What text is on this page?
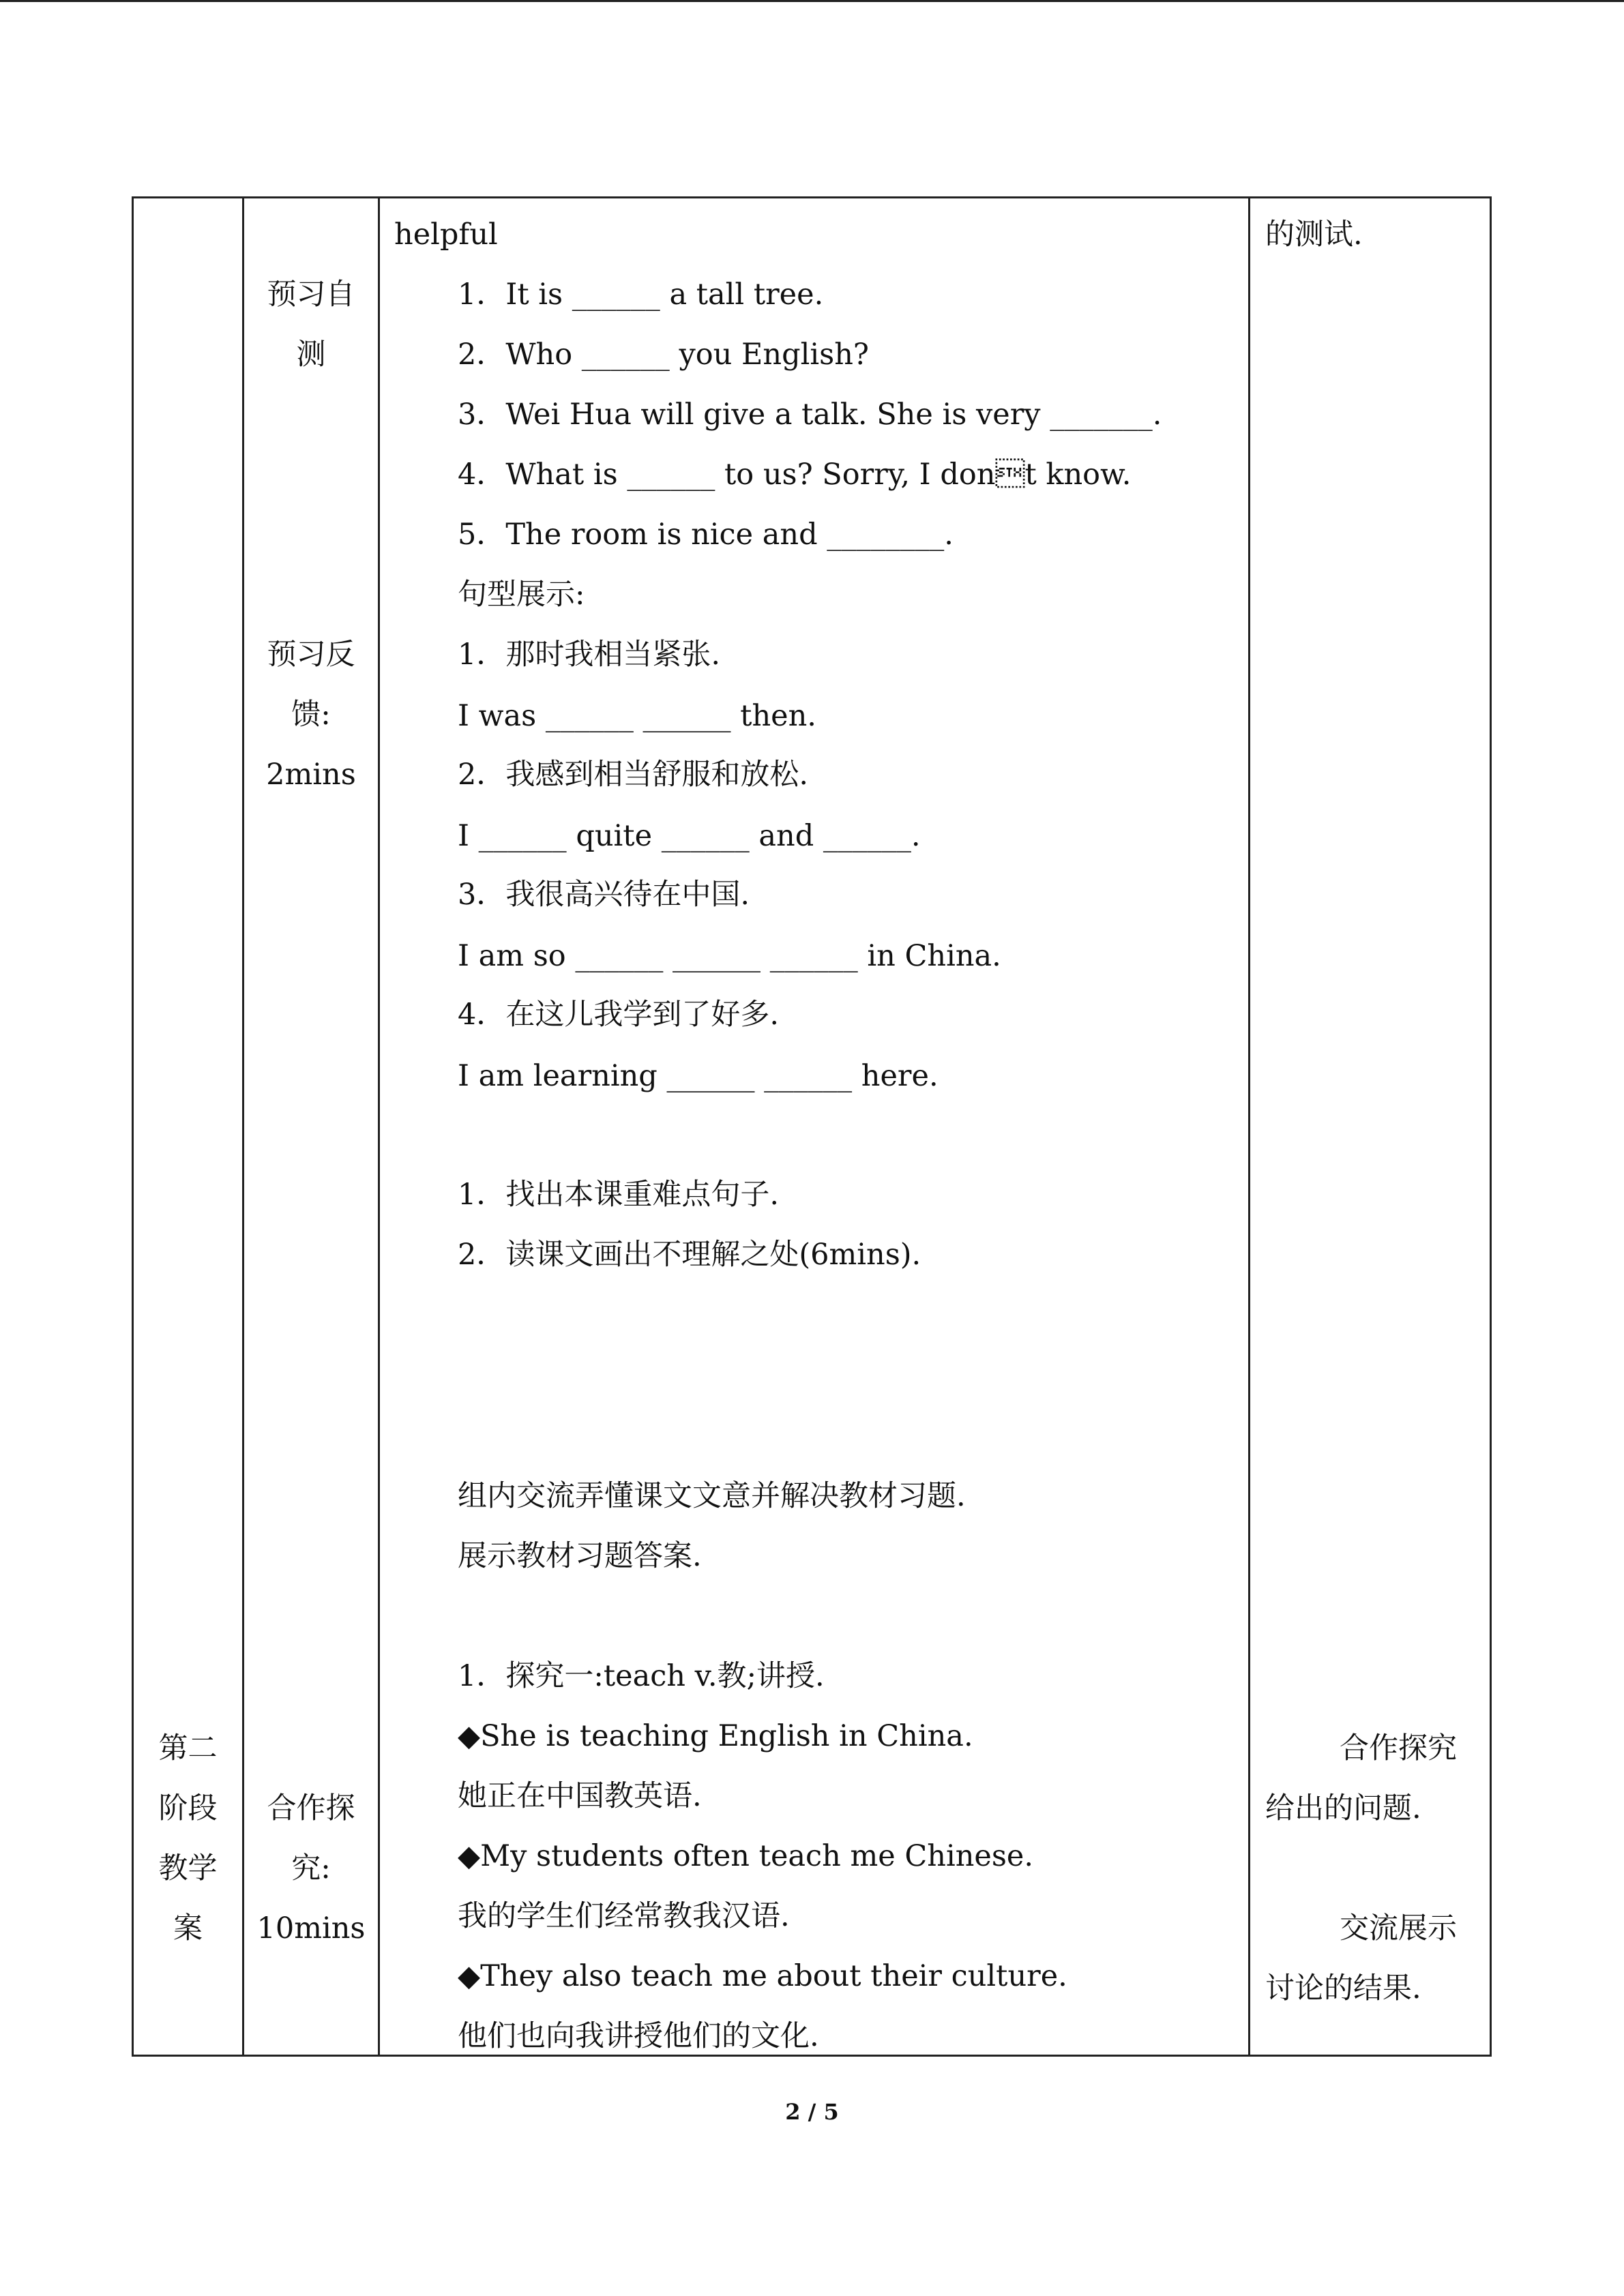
第二
阶段
教学
案
预习自
测
预习反
馈:
2mins
合作探
究:
10mins
helpful
1．It is ______ a tall tree.
2．Who ______ you English?
3．Wei Hua will give a talk. She is very _______.
4．What is ______ to us? Sorry, I dont know.
5．The room is nice and ________.
句型展示:
1．那时我相当紧张.
I was ______ ______ then.
2．我感到相当舒服和放松.
I ______ quite ______ and ______.
3．我很高兴待在中国.
I am so ______ ______ ______ in China.
4．在这儿我学到了好多.
I am learning ______ ______ here.
1．找出本课重难点句子.
2．读课文画出不理解之处(6mins).
组内交流弄懂课文文意并解决教材习题.
展示教材习题答案.
1．探究一:teach v.教;讲授.
◆She is teaching English in China.
她正在中国教英语.
◆My students often teach me Chinese.
我的学生们经常教我汉语.
◆They also teach me about their culture.
他们也向我讲授他们的文化.
的测试.
合作探究
给出的问题.
交流展示
讨论的结果.
2 / 5
